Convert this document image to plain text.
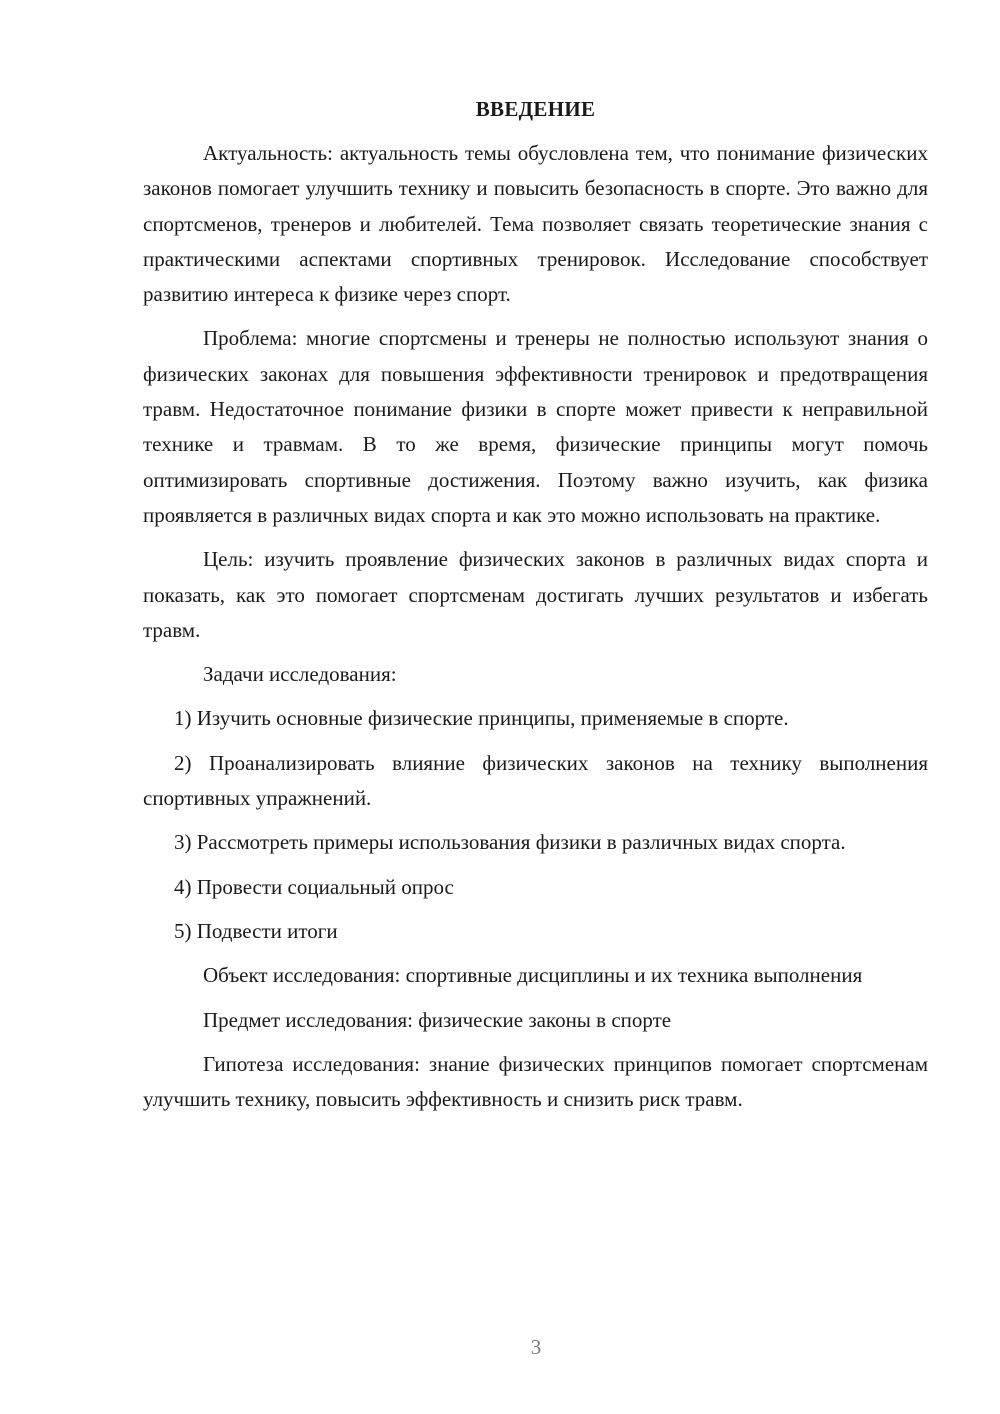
ВВЕДЕНИЕ

Актуальность: актуальность темы обусловлена тем, что понимание физических законов помогает улучшить технику и повысить безопасность в спорте. Это важно для спортсменов, тренеров и любителей. Тема позволяет связать теоретические знания с практическими аспектами спортивных тренировок. Исследование способствует развитию интереса к физике через спорт.

Проблема: многие спортсмены и тренеры не полностью используют знания о физических законах для повышения эффективности тренировок и предотвращения травм. Недостаточное понимание физики в спорте может привести к неправильной технике и травмам. В то же время, физические принципы могут помочь оптимизировать спортивные достижения. Поэтому важно изучить, как физика проявляется в различных видах спорта и как это можно использовать на практике.

Цель: изучить проявление физических законов в различных видах спорта и показать, как это помогает спортсменам достигать лучших результатов и избегать травм.

Задачи исследования:

1) Изучить основные физические принципы, применяемые в спорте.

2) Проанализировать влияние физических законов на технику выполнения спортивных упражнений.

3) Рассмотреть примеры использования физики в различных видах спорта.

4) Провести социальный опрос

5) Подвести итоги

Объект исследования: спортивные дисциплины и их техника выполнения

Предмет исследования: физические законы в спорте

Гипотеза исследования: знание физических принципов помогает спортсменам улучшить технику, повысить эффективность и снизить риск травм.

3
